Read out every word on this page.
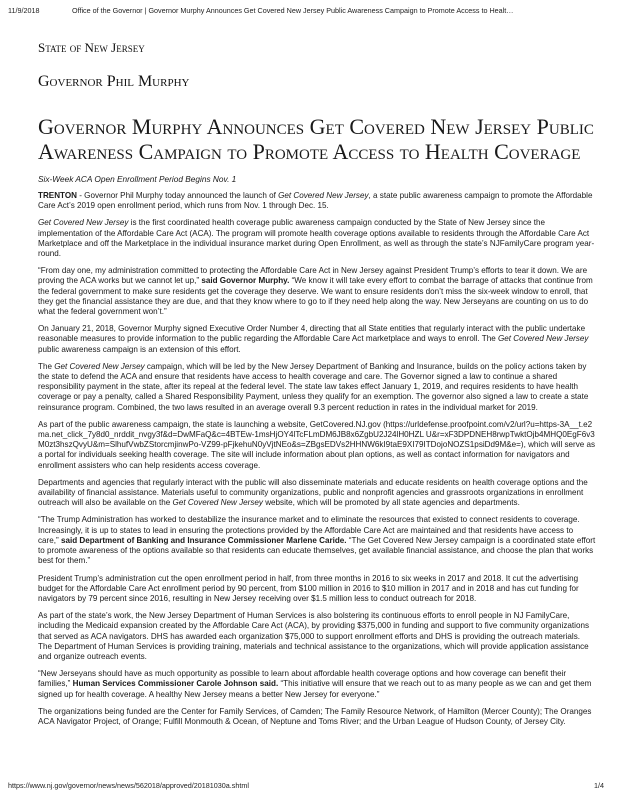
11/9/2018	Office of the Governor | Governor Murphy Announces Get Covered New Jersey Public Awareness Campaign to Promote Access to Healt…
State of New Jersey
Governor Phil Murphy
Governor Murphy Announces Get Covered New Jersey Public Awareness Campaign to Promote Access to Health Coverage

Six-Week ACA Open Enrollment Period Begins Nov. 1

TRENTON - Governor Phil Murphy today announced the launch of Get Covered New Jersey, a state public awareness campaign to promote the Affordable Care Act’s 2019 open enrollment period, which runs from Nov. 1 through Dec. 15.

Get Covered New Jersey is the first coordinated health coverage public awareness campaign conducted by the State of New Jersey since the implementation of the Affordable Care Act (ACA). The program will promote health coverage options available to residents through the Affordable Care Act Marketplace and off the Marketplace in the individual insurance market during Open Enrollment, as well as through the state’s NJFamilyCare program year-round.

“From day one, my administration committed to protecting the Affordable Care Act in New Jersey against President Trump’s efforts to tear it down. We are proving the ACA works but we cannot let up,” said Governor Murphy. “We know it will take every effort to combat the barrage of attacks that continue from the federal government to make sure residents get the coverage they deserve. We want to ensure residents don’t miss the six-week window to enroll, that they get the financial assistance they are due, and that they know where to go to if they need help along the way. New Jerseyans are counting on us to do what the federal government won’t.”

On January 21, 2018, Governor Murphy signed Executive Order Number 4, directing that all State entities that regularly interact with the public undertake reasonable measures to provide information to the public regarding the Affordable Care Act marketplace and ways to enroll. The Get Covered New Jersey public awareness campaign is an extension of this effort.

The Get Covered New Jersey campaign, which will be led by the New Jersey Department of Banking and Insurance, builds on the policy actions taken by the state to defend the ACA and ensure that residents have access to health coverage and care. The Governor signed a law to continue a shared responsibility payment in the state, after its repeal at the federal level. The state law takes effect January 1, 2019, and requires residents to have health coverage or pay a penalty, called a Shared Responsibility Payment, unless they qualify for an exemption. The governor also signed a law to create a state reinsurance program. Combined, the two laws resulted in an average overall 9.3 percent reduction in rates in the individual market for 2019.

As part of the public awareness campaign, the state is launching a website, GetCovered.NJ.gov (https://urldefense.proofpoint.com/v2/url?u=https-3A__t.e2ma.net_click_7y8d0_nrddit_nvgy3f&d=DwMFaQ&c=4BTEw-1msHjOY4lTcFLmDM6JB8x6ZgbU2J24lH0HZL U&r=xF3DPDNEH8rwpTwktOjb4MHQ0EgF6v3M0zt3hszQvyU&m=SlhufVwbZStorcmjinwPo-VZ99-pFjkehuN0yVjtNEo&s=ZBgsEDVs2HHNW6kI9taE9XI79ITDojoNOZS1psiDd9M&e=), which will serve as a portal for individuals seeking health coverage. The site will include information about plan options, as well as contact information for navigators and enrollment assisters who can help residents access coverage.

Departments and agencies that regularly interact with the public will also disseminate materials and educate residents on health coverage options and the availability of financial assistance. Materials useful to community organizations, public and nonprofit agencies and grassroots organizations in enrollment outreach will also be available on the Get Covered New Jersey website, which will be promoted by all state agencies and departments.

“The Trump Administration has worked to destabilize the insurance market and to eliminate the resources that existed to connect residents to coverage. Increasingly, it is up to states to lead in ensuring the protections provided by the Affordable Care Act are maintained and that residents have access to care,” said Department of Banking and Insurance Commissioner Marlene Caride. “The Get Covered New Jersey campaign is a coordinated state effort to promote awareness of the options available so that residents can educate themselves, get available financial assistance, and choose the plan that works best for them.”

President Trump’s administration cut the open enrollment period in half, from three months in 2016 to six weeks in 2017 and 2018. It cut the advertising budget for the Affordable Care Act enrollment period by 90 percent, from $100 million in 2016 to $10 million in 2017 and in 2018 and has cut funding for navigators by 79 percent since 2016, resulting in New Jersey receiving over $1.5 million less to conduct outreach for 2018.

As part of the state’s work, the New Jersey Department of Human Services is also bolstering its continuous efforts to enroll people in NJ FamilyCare, including the Medicaid expansion created by the Affordable Care Act (ACA), by providing $375,000 in funding and support to five community organizations that served as ACA navigators. DHS has awarded each organization $75,000 to support enrollment efforts and DHS is providing the outreach materials. The Department of Human Services is providing training, materials and technical assistance to the organizations, which will provide application assistance and organize outreach events.

“New Jerseyans should have as much opportunity as possible to learn about affordable health coverage options and how coverage can benefit their families,” Human Services Commissioner Carole Johnson said. “This initiative will ensure that we reach out to as many people as we can and get them signed up for health coverage. A healthy New Jersey means a better New Jersey for everyone.”

The organizations being funded are the Center for Family Services, of Camden; The Family Resource Network, of Hamilton (Mercer County); The Oranges ACA Navigator Project, of Orange; Fulfill Monmouth & Ocean, of Neptune and Toms River; and the Urban League of Hudson County, of Jersey City.

https://www.nj.gov/governor/news/news/562018/approved/20181030a.shtml	1/4
